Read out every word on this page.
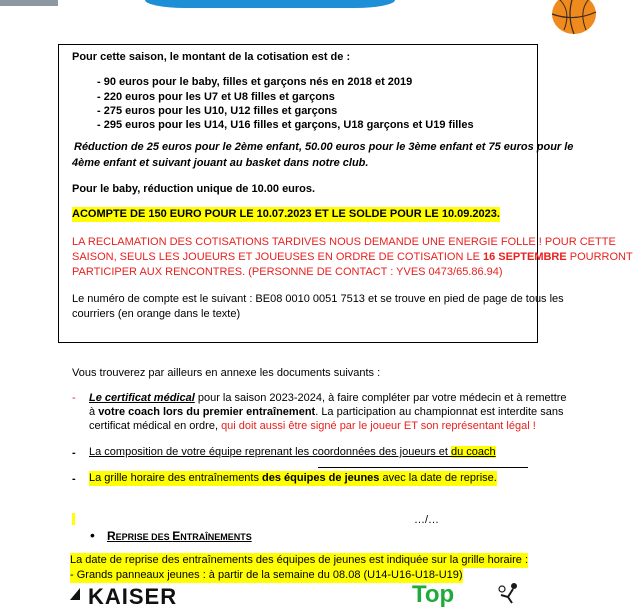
Pour cette saison, le montant de la cotisation est de :
- 90 euros pour le baby, filles et garçons nés en 2018 et 2019
- 220 euros pour les U7 et U8 filles et garçons
- 275 euros pour les U10, U12 filles et garçons
- 295 euros pour les U14, U16 filles et garçons, U18 garçons et U19 filles
Réduction de 25 euros pour le 2ème enfant, 50.00 euros pour le 3ème enfant et 75 euros pour le
4ème enfant et suivant jouant au basket dans notre club.
Pour le baby, réduction unique de 10.00 euros.
ACOMPTE DE 150 EURO POUR LE 10.07.2023 ET LE SOLDE POUR LE 10.09.2023.
LA RECLAMATION DES COTISATIONS TARDIVES NOUS DEMANDE UNE ENERGIE FOLLE ! POUR CETTE
SAISON, SEULS LES JOUEURS ET JOUEUSES EN ORDRE DE COTISATION LE 16 SEPTEMBRE POURRONT
PARTICIPER AUX RENCONTRES. (PERSONNE DE CONTACT : YVES 0473/65.86.94)
Le numéro de compte est le suivant : BE08 0010 0051 7513 et se trouve en pied de page de tous les
courriers (en orange dans le texte)
Vous trouverez par ailleurs en annexe les documents suivants :
- Le certificat médical pour la saison 2023-2024, à faire compléter par votre médecin et à remettre
à votre coach lors du premier entraînement. La participation au championnat est interdite sans
certificat médical en ordre, qui doit aussi être signé par le joueur ET son représentant légal !
- La composition de votre équipe reprenant les coordonnées des joueurs et du coach
- La grille horaire des entraînements des équipes de jeunes avec la date de reprise.
…/…
• REPRISE DES ENTRAÎNEMENTS
La date de reprise des entraînements des équipes de jeunes est indiquée sur la grille horaire :
- Grands panneaux jeunes : à partir de la semaine du 08.08 (U14-U16-U18-U19)
KAISER	Top
